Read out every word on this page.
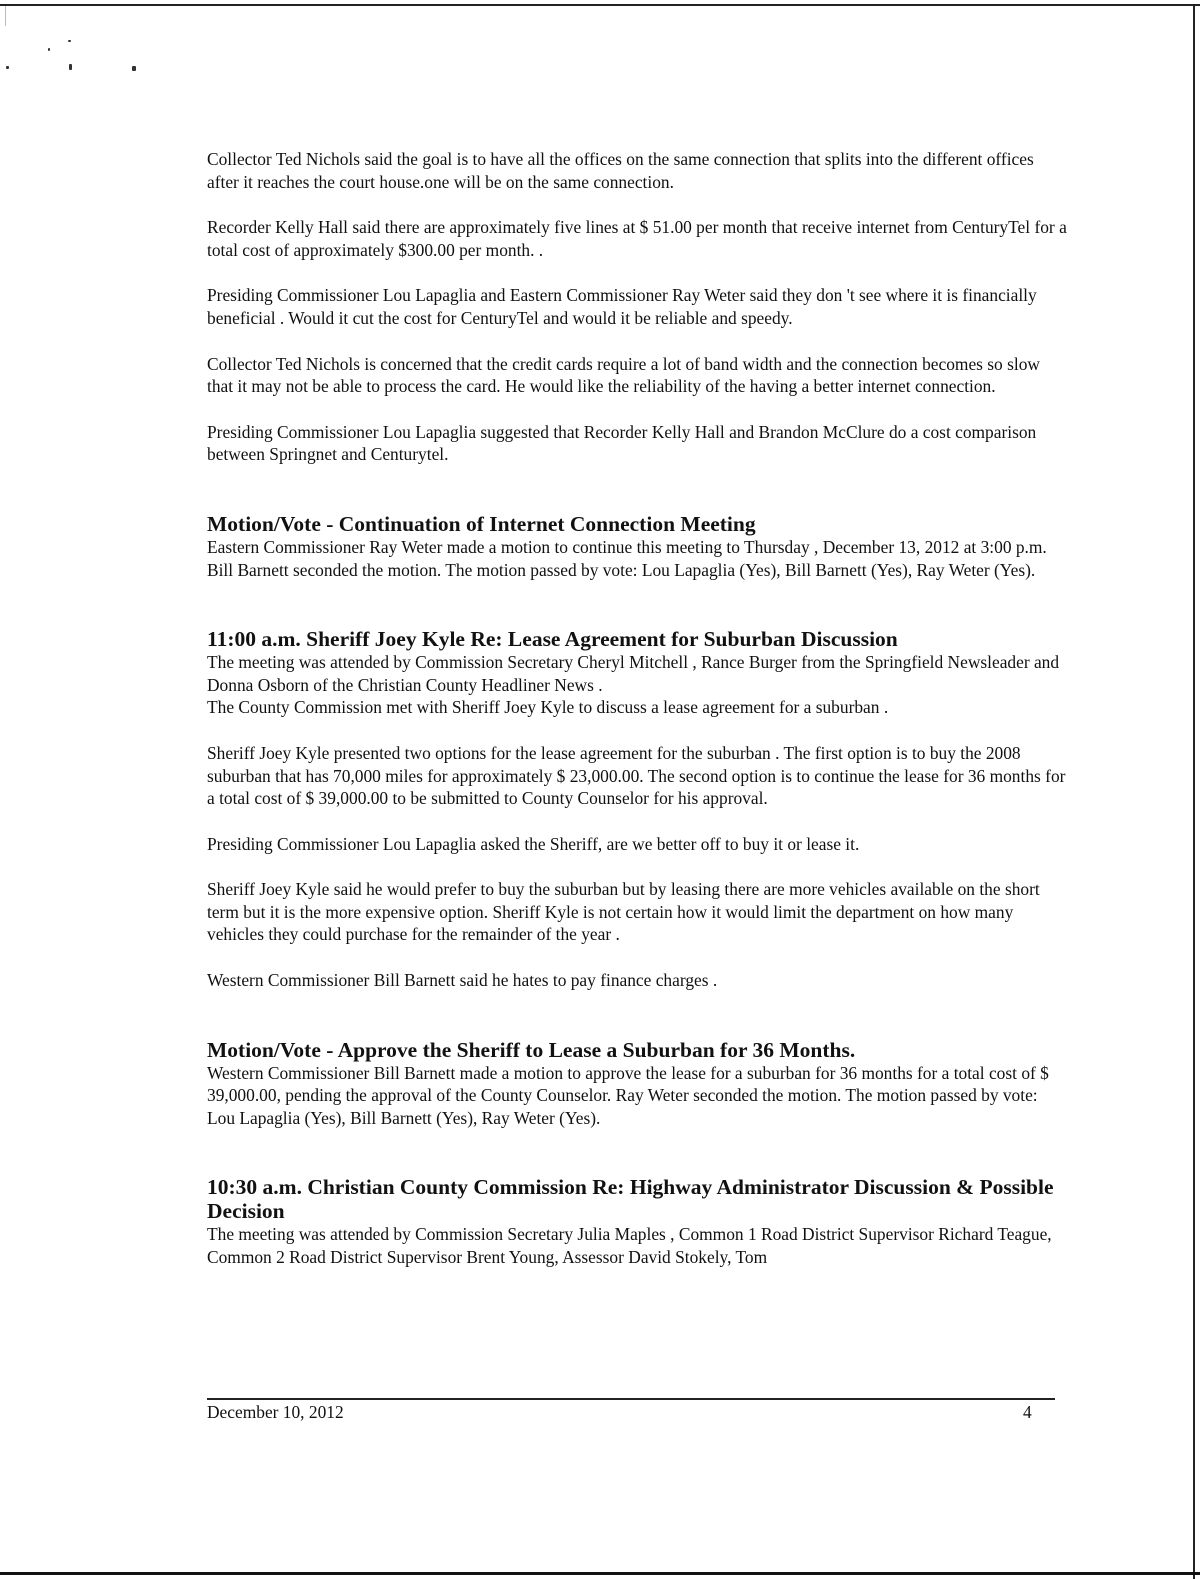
Collector Ted Nichols said the goal is to have all the offices on the same connection that splits into the different offices after it reaches the court house.one will be on the same connection.

Recorder Kelly Hall said there are approximately five lines at $ 51.00 per month that receive internet from CenturyTel for a total cost of approximately $300.00 per month. .

Presiding Commissioner Lou Lapaglia and Eastern Commissioner Ray Weter said they don 't see where it is financially beneficial . Would it cut the cost for CenturyTel and would it be reliable and speedy.

Collector Ted Nichols is concerned that the credit cards require a lot of band width and the connection becomes so slow that it may not be able to process the card. He would like the reliability of the having a better internet connection.

Presiding Commissioner Lou Lapaglia suggested that Recorder Kelly Hall and Brandon McClure do a cost comparison between Springnet and Centurytel.

Motion/Vote - Continuation of Internet Connection Meeting

Eastern Commissioner Ray Weter made a motion to continue this meeting to Thursday , December 13, 2012 at 3:00 p.m.

Bill Barnett seconded the motion. The motion passed by vote: Lou Lapaglia (Yes), Bill Barnett (Yes), Ray Weter (Yes).

11:00 a.m. Sheriff Joey Kyle Re: Lease Agreement for Suburban Discussion

The meeting was attended by Commission Secretary Cheryl Mitchell , Rance Burger from the Springfield Newsleader and Donna Osborn of the Christian County Headliner News .

The County Commission met with Sheriff Joey Kyle to discuss a lease agreement for a suburban .

Sheriff Joey Kyle presented two options for the lease agreement for the suburban . The first option is to buy the 2008 suburban that has 70,000 miles for approximately $ 23,000.00. The second option is to continue the lease for 36 months for a total cost of $ 39,000.00 to be submitted to County Counselor for his approval.

Presiding Commissioner Lou Lapaglia asked the Sheriff, are we better off to buy it or lease it.

Sheriff Joey Kyle said he would prefer to buy the suburban but by leasing there are more vehicles available on the short term but it is the more expensive option. Sheriff Kyle is not certain how it would limit the department on how many vehicles they could purchase for the remainder of the year .

Western Commissioner Bill Barnett said he hates to pay finance charges .

Motion/Vote - Approve the Sheriff to Lease a Suburban for 36 Months.

Western Commissioner Bill Barnett made a motion to approve the lease for a suburban for 36 months for a total cost of $ 39,000.00, pending the approval of the County Counselor. Ray Weter seconded the motion. The motion passed by vote: Lou Lapaglia (Yes), Bill Barnett (Yes), Ray Weter (Yes).

10:30 a.m. Christian County Commission Re: Highway Administrator Discussion & Possible Decision

The meeting was attended by Commission Secretary Julia Maples , Common 1 Road District Supervisor Richard Teague, Common 2 Road District Supervisor Brent Young, Assessor David Stokely, Tom

December 10, 2012	4
